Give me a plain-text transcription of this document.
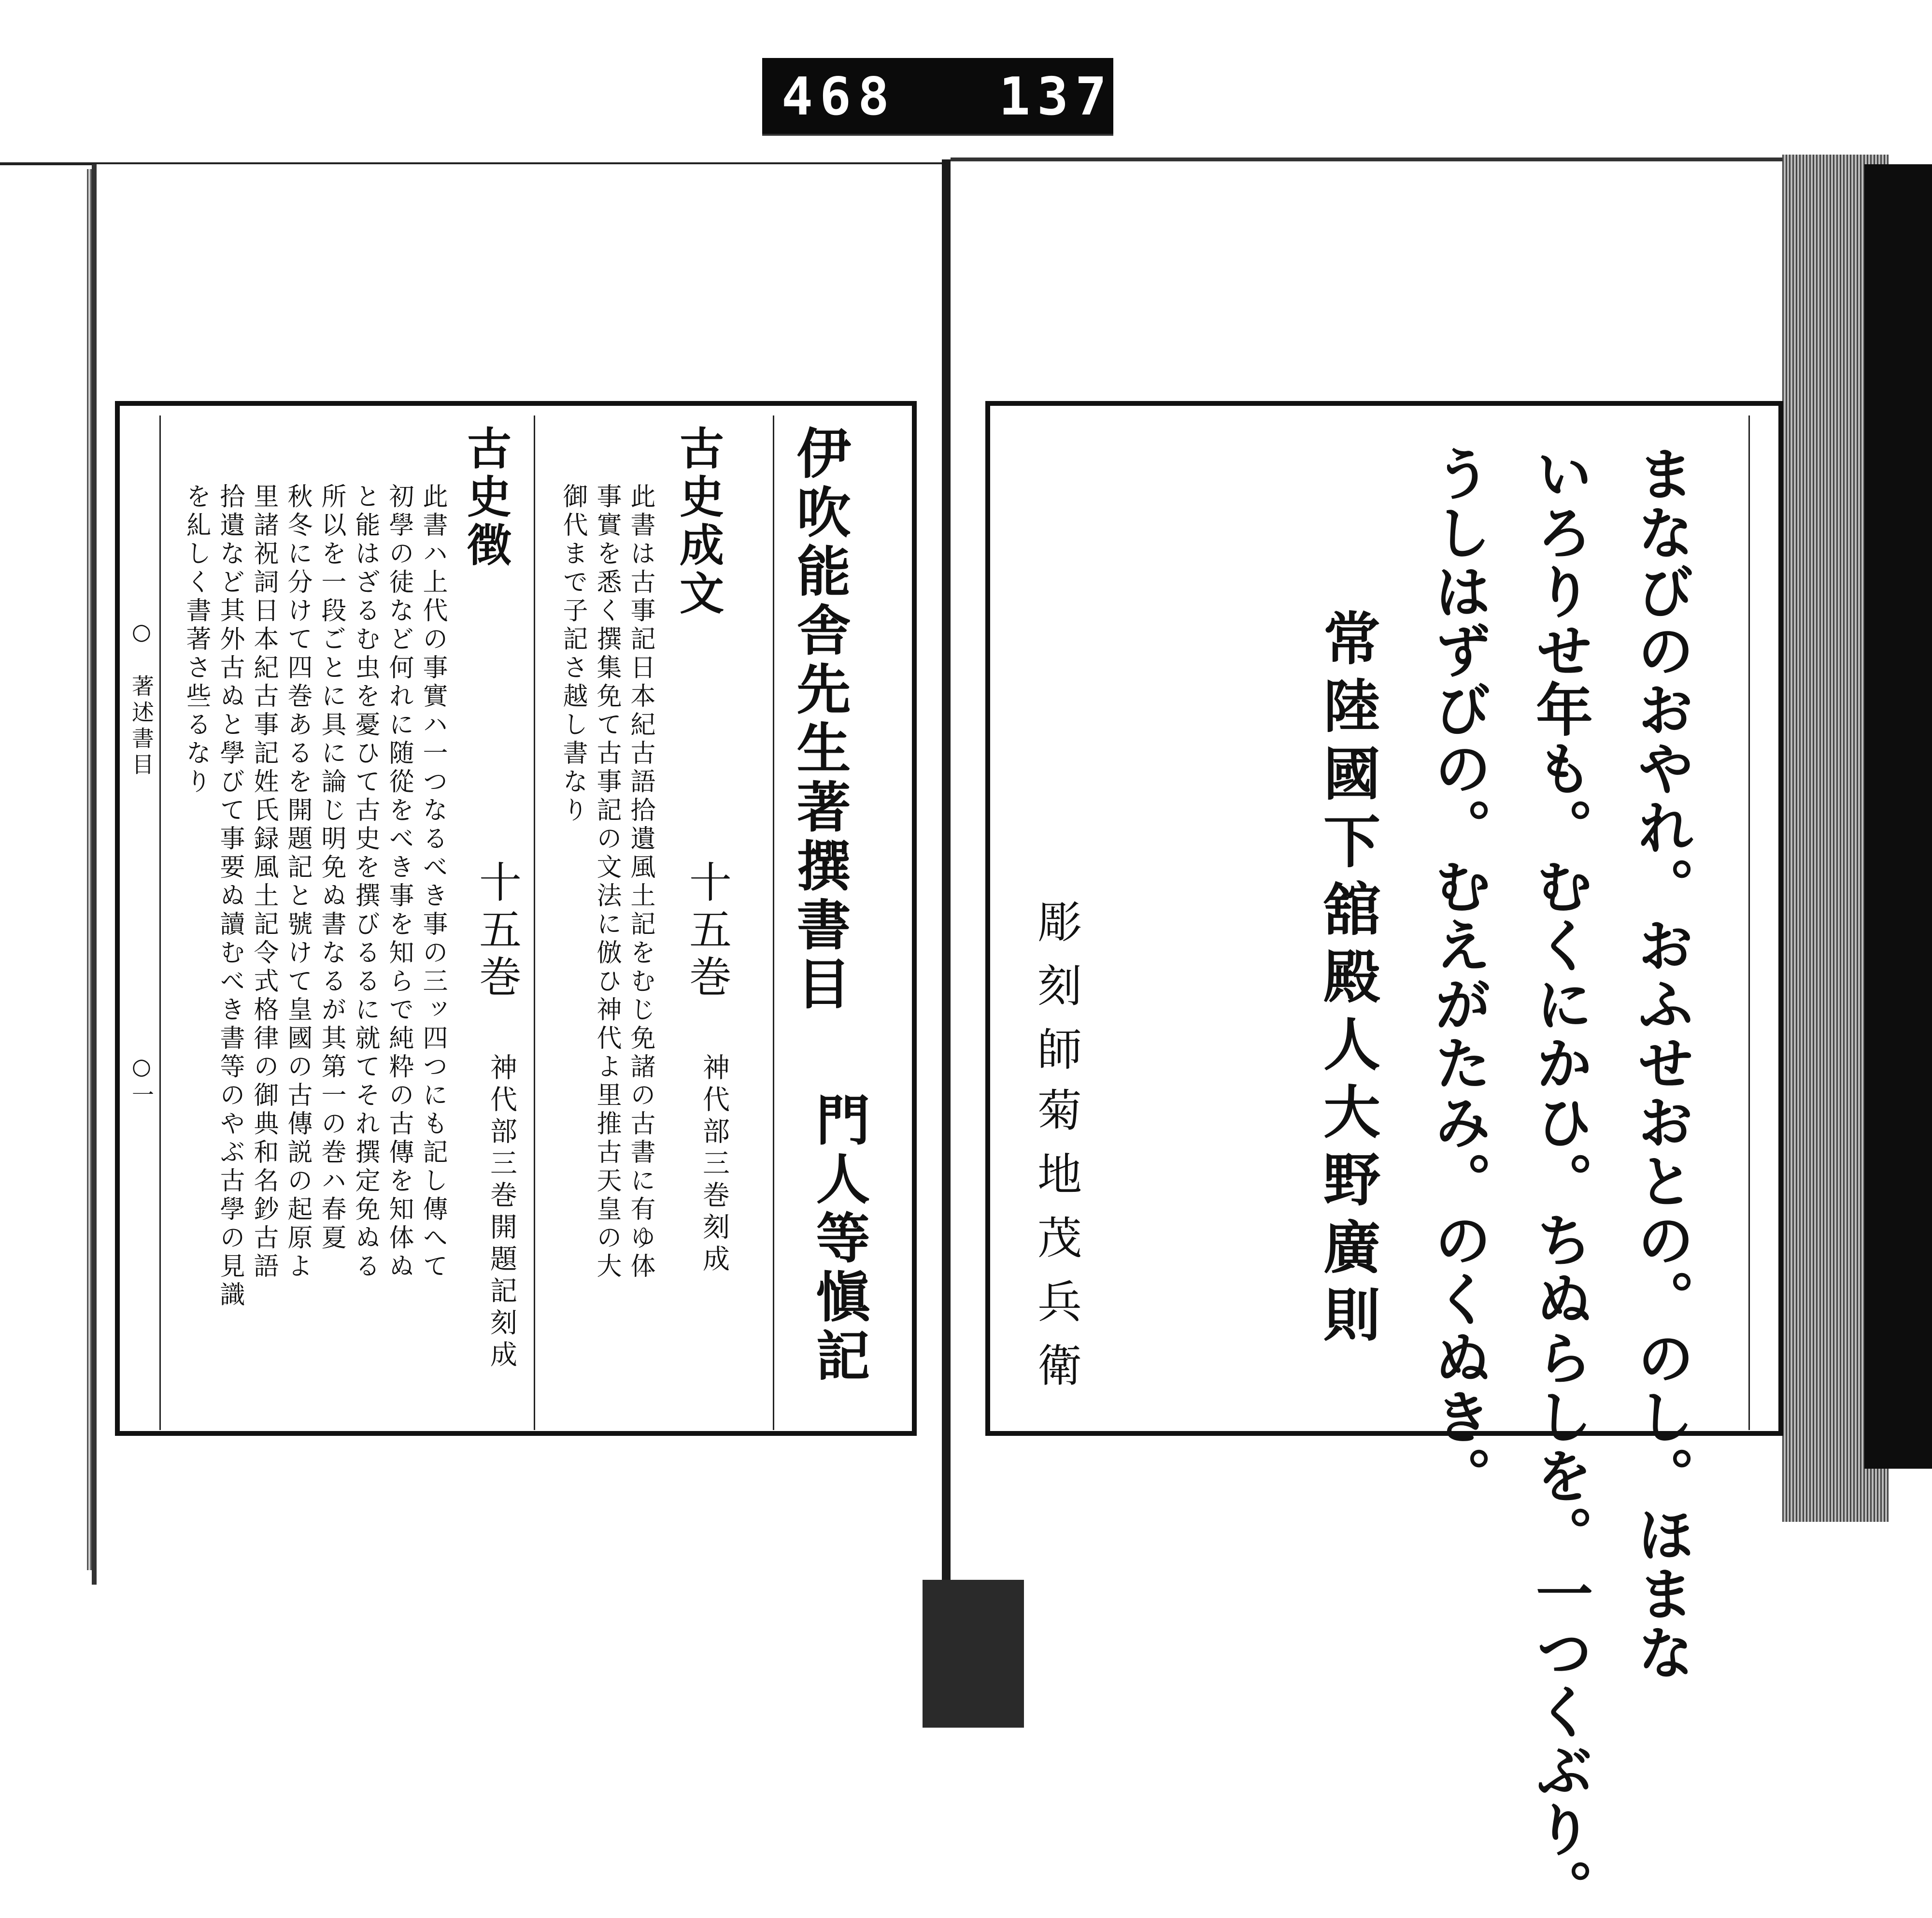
468 137.
伊吹能舎先生著撰書目
門人等愼記
古史成文
十五巻
神代部三巻刻成
此書は古事記日本紀古語拾遺風土記をむじ免諸の古書に有ゆ体
事實を悉く撰集免て古事記の文法に倣ひ神代よ里推古天皇の大
御代まで子記さ越し書なり
古史徴
十五巻
神代部三巻開題記刻成
此書ハ上代の事實ハ一つなるべき事の三ッ四つにも記し傳へて
初學の徒など何れに随從をべき事を知らで純粋の古傳を知体ぬ
と能はざるむ虫を憂ひて古史を撰びるるに就てそれ撰定免ぬる
所以を一段ごとに具に論じ明免ぬ書なるが其第一の巻ハ春夏
秋冬に分けて四巻あるを開題記と號けて皇國の古傳説の起原よ
里諸祝詞日本紀古事記姓氏録風土記令式格律の御典和名鈔古語
拾遺など其外古ぬと學びて事要ぬ讀むべき書等のやぶ古學の見識
を糺しく書著さ些るなり
○　著述書目
○一	まなびのおやれ。おふせおとの。のし。ほまな
いろりせ年も。むくにかひ。ちぬらしを。一つくぶり。
うしはずびの。むえがたみ。のくぬき。
常陸國下舘殿人大野廣則
彫刻師
菊地茂兵衛
